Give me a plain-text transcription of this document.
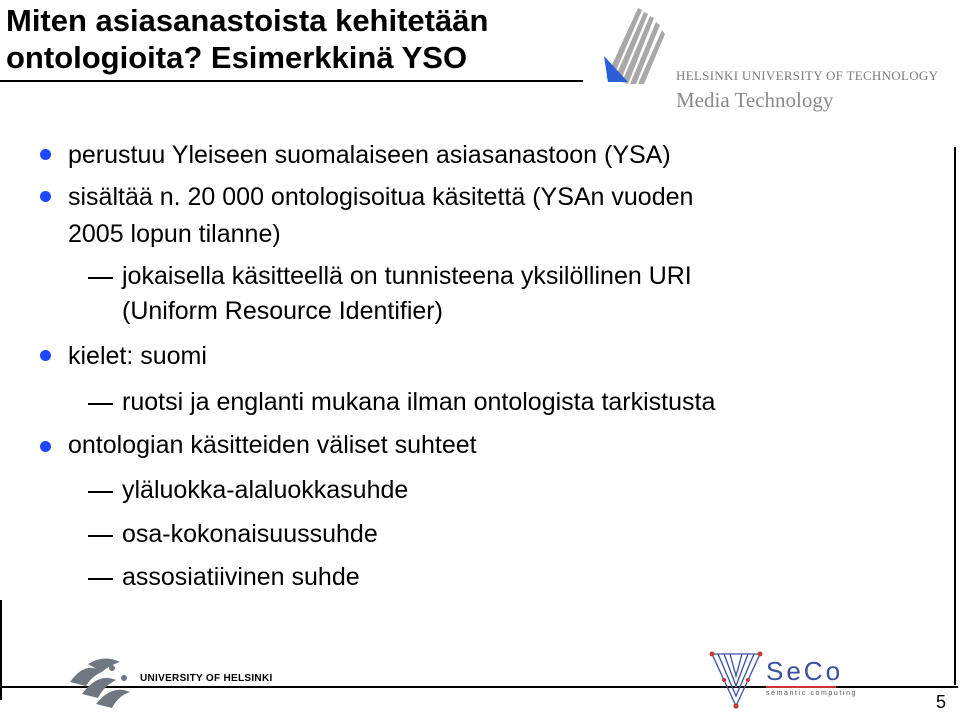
Miten asiasanastoista kehitetään
ontologioita? Esimerkkinä YSO
HELSINKI UNIVERSITY OF TECHNOLOGY
Media Technology

perustuu Yleiseen suomalaiseen asiasanastoon (YSA)

sisältää n. 20 000 ontologisoitua käsitettä (YSAn vuoden

2005 lopun tilanne)

jokaisella käsitteellä on tunnisteena yksilöllinen URI

(Uniform Resource Identifier)

kielet: suomi

ruotsi ja englanti mukana ilman ontologista tarkistusta

ontologian käsitteiden väliset suhteet

yläluokka-alaluokkasuhde

osa-kokonaisuussuhde

assosiatiivinen suhde

UNIVERSITY OF HELSINKI	SeCo
semantic computing	5
